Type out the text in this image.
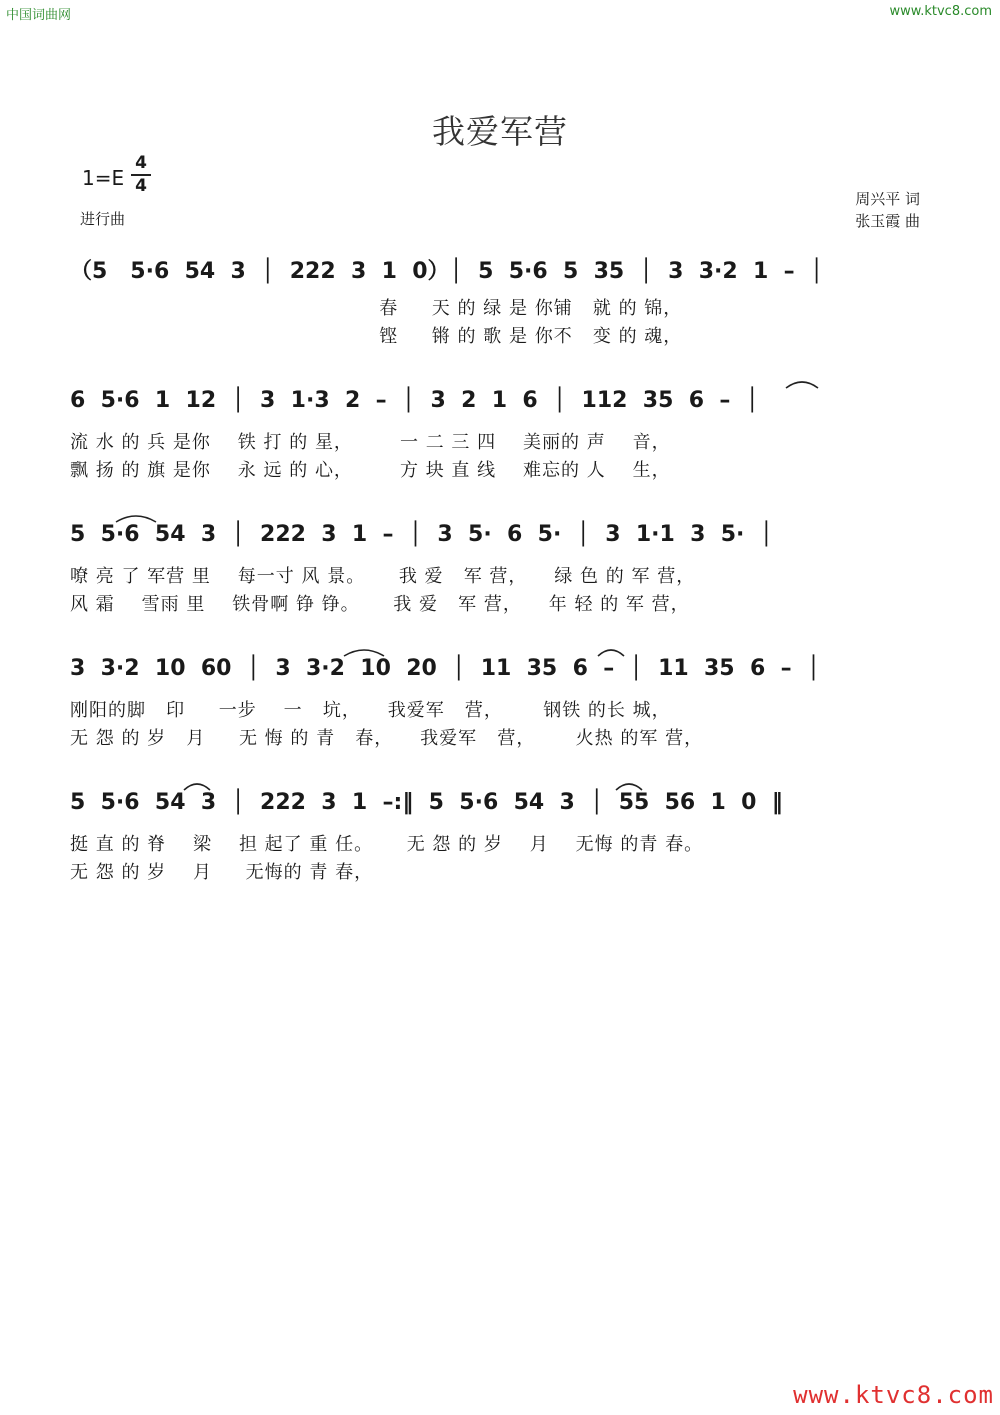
中国词曲网	www.ktvc8.com
我爱军营
1=E
4
4
进行曲
周兴平 词
张玉霞 曲
（5   5·6  54  3  │  222  3  1  0）│  5  5·6  5  35  │  3  3·2  1  –  │
春     天 的 绿 是 你铺   就 的 锦，
铿     锵 的 歌 是 你不   变 的 魂，
6  5·6  1  12  │  3  1·3  2  –  │  3  2  1  6  │  112  35  6  –  │
流 水 的 兵 是你    铁 打 的 星，       一 二 三 四    美丽的 声    音，
飘 扬 的 旗 是你    永 远 的 心，       方 块 直 线    难忘的 人    生，
5  5·6  54  3  │  222  3  1  –  │  3  5·  6  5·  │  3  1·1  3  5·  │
嘹 亮 了 军营 里    每一寸 风 景。     我 爱   军 营，    绿 色 的 军 营，
风 霜    雪雨 里    铁骨啊 铮 铮。     我 爱   军 营，    年 轻 的 军 营，
3  3·2  10  60  │  3  3·2  10  20  │  11  35  6  –  │  11  35  6  –  │
刚阳的脚   印     一步    一   坑，    我爱军   营，      钢铁 的长 城，
无 怨 的 岁   月     无 悔 的 青   春，    我爱军   营，      火热 的军 营，
5  5·6  54  3  │  222  3  1  –:‖  5  5·6  54  3  │  55  56  1  0  ‖
挺 直 的 脊    梁    担 起了 重 任。     无 怨 的 岁    月    无悔 的青 春。
无 怨 的 岁    月     无悔的 青 春，
www.ktvc8.com
